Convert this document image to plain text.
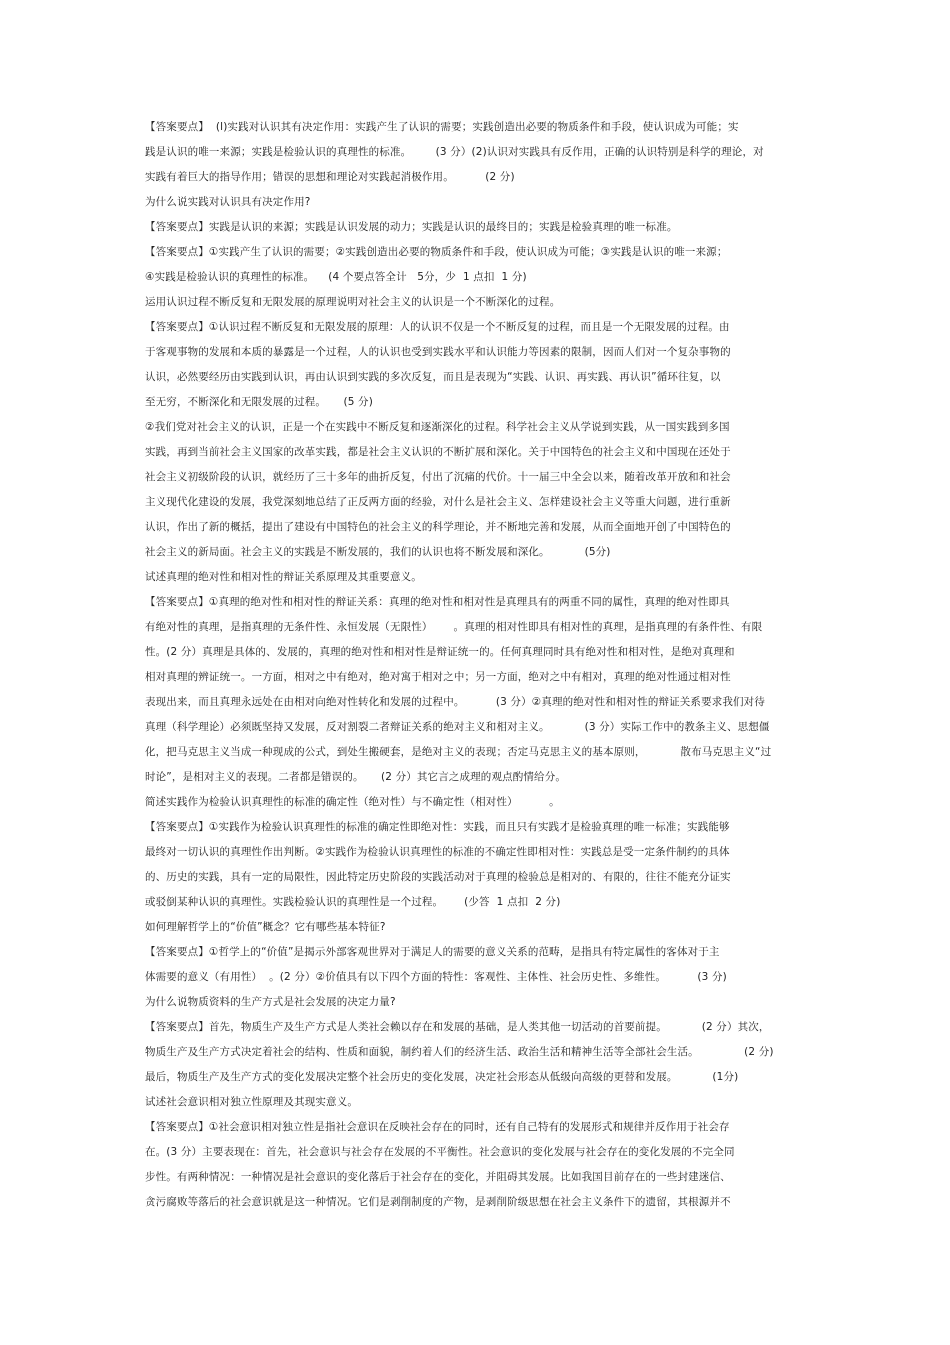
【答案要点】  (l)实践对认识其有决定作用：实践产生了认识的需要；实践创造出必要的物质条件和手段，使认识成为可能；实
践是认识的唯一来源；实践是检验认识的真理性的标准。       (3 分）(2)认识对实践具有反作用，正确的认识特别是科学的理论，对
实践有着巨大的指导作用；错误的思想和理论对实践起消极作用。         (2 分)
为什么说实践对认识具有决定作用?
【答案要点】实践是认识的来源；实践是认识发展的动力；实践是认识的最终目的；实践是检验真理的唯一标准。
【答案要点】①实践产生了认识的需要；②实践创造出必要的物质条件和手段，使认识成为可能；③实践是认识的唯一来源；
④实践是检验认识的真理性的标准。    (4 个要点答全计   5分，少  1 点扣  1 分)
运用认识过程不断反复和无限发展的原理说明对社会主义的认识是一个不断深化的过程。
【答案要点】①认识过程不断反复和无限发展的原理：人的认识不仅是一个不断反复的过程，而且是一个无限发展的过程。由
于客观事物的发展和本质的暴露是一个过程，人的认识也受到实践水平和认识能力等因素的限制，因而人们对一个复杂事物的
认识，必然要经历由实践到认识，再由认识到实践的多次反复，而且是表现为“实践、认识、再实践、再认识”循环往复，以
至无穷，不断深化和无限发展的过程。     (5 分)
②我们党对社会主义的认识，正是一个在实践中不断反复和逐渐深化的过程。科学社会主义从学说到实践，从一国实践到多国
实践，再到当前社会主义国家的改革实践，都是社会主义认识的不断扩展和深化。关于中国特色的社会主义和中国现在还处于
社会主义初级阶段的认识，就经历了三十多年的曲折反复，付出了沉痛的代价。十一届三中全会以来，随着改革开放和和社会
主义现代化建设的发展，我党深刻地总结了正反两方面的经验，对什么是社会主义、怎样建设社会主义等重大问题，进行重新
认识，作出了新的概括，提出了建设有中国特色的社会主义的科学理论，并不断地完善和发展，从而全面地开创了中国特色的
社会主义的新局面。社会主义的实践是不断发展的，我们的认识也将不断发展和深化。          (5分)
试述真理的绝对性和相对性的辩证关系原理及其重要意义。
【答案要点】①真理的绝对性和相对性的辩证关系：真理的绝对性和相对性是真理具有的两重不同的属性，真理的绝对性即具
有绝对性的真理，是指真理的无条件性、永恒发展（无限性）      。真理的相对性即具有相对性的真理，是指真理的有条件性、有限
性。(2 分）真理是具体的、发展的，真理的绝对性和相对性是辩证统一的。任何真理同时具有绝对性和相对性，是绝对真理和
相对真理的辨证统一。一方面，相对之中有绝对，绝对寓于相对之中；另一方面，绝对之中有相对，真理的绝对性通过相对性
表现出来，而且真理永远处在由相对向绝对性转化和发展的过程中。         (3 分）②真理的绝对性和相对性的辩证关系要求我们对待
真理（科学理论）必须既坚持又发展，反对割裂二者辩证关系的绝对主义和相对主义。          (3 分）实际工作中的教条主义、思想僵
化，把马克思主义当成一种现成的公式，到处生搬硬套，是绝对主义的表现；否定马克思主义的基本原则，          散布马克思主义“过
时论”，是相对主义的表现。二者都是错误的。     (2 分）其它言之成理的观点酌情给分。
简述实践作为检验认识真理性的标准的确定性（绝对性）与不确定性（相对性）         。
【答案要点】①实践作为检验认识真理性的标准的确定性即绝对性：实践，而且只有实践才是检验真理的唯一标准；实践能够
最终对一切认识的真理性作出判断。②实践作为检验认识真理性的标准的不确定性即相对性：实践总是受一定条件制约的具体
的、历史的实践，具有一定的局限性，因此特定历史阶段的实践活动对于真理的检验总是相对的、有限的，往往不能充分证实
或驳倒某种认识的真理性。实践检验认识的真理性是一个过程。      (少答  1 点扣  2 分)
如何理解哲学上的“价值”概念？它有哪些基本特征?
【答案要点】①哲学上的“价值”是揭示外部客观世界对于满足人的需要的意义关系的范畴，是指具有特定属性的客体对于主
体需要的意义（有用性）  。(2 分）②价值具有以下四个方面的特性：客观性、主体性、社会历史性、多维性。         (3 分)
为什么说物质资料的生产方式是社会发展的决定力量?
【答案要点】首先，物质生产及生产方式是人类社会赖以存在和发展的基础，是人类其他一切活动的首要前提。          (2 分）其次，
物质生产及生产方式决定着社会的结构、性质和面貌，制约着人们的经济生活、政治生活和精神生活等全部社会生活。             (2 分)
最后，物质生产及生产方式的变化发展决定整个社会历史的变化发展，决定社会形态从低级向高级的更替和发展。          (1分)
试述社会意识相对独立性原理及其现实意义。
【答案要点】①社会意识相对独立性是指社会意识在反映社会存在的同时，还有自己特有的发展形式和规律并反作用于社会存
在。(3 分）主要表现在：首先，社会意识与社会存在发展的不平衡性。社会意识的变化发展与社会存在的变化发展的不完全同
步性。有两种情况：一种情况是社会意识的变化落后于社会存在的变化，并阻碍其发展。比如我国目前存在的一些封建迷信、
贪污腐败等落后的社会意识就是这一种情况。它们是剥削制度的产物，是剥削阶级思想在社会主义条件下的遗留，其根源并不
